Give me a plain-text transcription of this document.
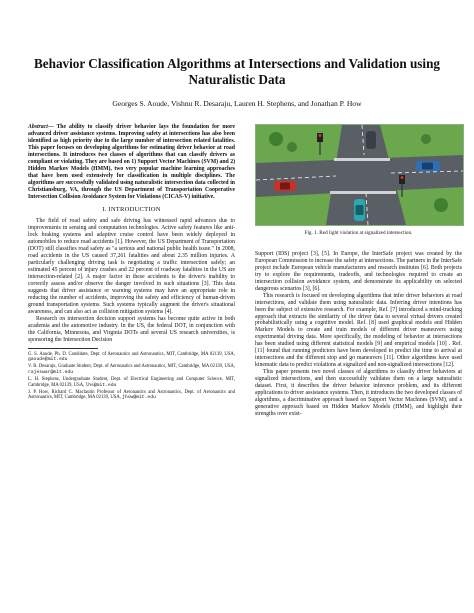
Behavior Classification Algorithms at Intersections and Validation using Naturalistic Data
Georges S. Aoude, Vishnu R. Desaraju, Lauren H. Stephens, and Jonathan P. How

Abstract— The ability to classify driver behavior lays the foundation for more advanced driver assistance systems. Improving safety at intersections has also been identified as high priority due to the large number of intersection related fatalities. This paper focuses on developing algorithms for estimating driver behavior at road intersections. It introduces two classes of algorithms that can classify drivers as compliant or violating. They are based on 1) Support Vector Machines (SVM) and 2) Hidden Markov Models (HMM), two very popular machine learning approaches that have been used extensively for classification in multiple disciplines. The algorithms are successfully validated using naturalistic intersection data collected in Christiansburg, VA, through the US Department of Transportation Cooperative Intersection Collision Avoidance System for Violations (CICAS-V) initiative.

I. INTRODUCTION

The field of road safety and safe driving has witnessed rapid advances due to improvements in sensing and computation technologies. Active safety features like anti-lock braking systems and adaptive cruise control have been widely deployed in automobiles to reduce road accidents [1]. However, the US Department of Transportation (DOT) still classifies road safety as "a serious and national public health issue." In 2008, road accidents in the US caused 37,261 fatalities and about 2.35 million injuries. A particularly challenging driving task is negotiating a traffic intersection safely; an estimated 45 percent of injury crashes and 22 percent of roadway fatalities in the US are intersection-related [2]. A major factor in these accidents is the driver's inability to correctly assess and/or observe the danger involved in such situations [3]. This data suggests that driver assistance or warning systems may have an appropriate role in reducing the number of accidents, improving the safety and efficiency of human-driven ground transportation systems. Such systems typically augment the driver's situational awareness, and can also act as collision mitigation systems [4].

Research on intersection decision support systems has become quite active in both academia and the automotive industry. In the US, the federal DOT, in conjunction with the California, Minnesota, and Virginia DOTs and several US research universities, is sponsoring the Intersection Decision

G. S. Aoude, Ph. D. Candidate, Dept. of Aeronautics and Astronautics, MIT, Cambridge, MA 02139, USA, gaoude@mit.edu

V. R. Desaraju, Graduate Student, Dept. of Aeronautics and Astronautics, MIT, Cambridge, MA 02139, USA, rajeswar@mit.edu

L. H. Stephens, Undergraduate Student, Dept. of Electrical Engineering and Computer Science, MIT, Cambridge, MA 02139, USA, lhs@mit.edu

J. P. How, Richard C. Maclaurin Professor of Aeronautics and Astronautics, Dept. of Aeronautics and Astronautics, MIT, Cambridge, MA 02139, USA, jhow@mit.edu

Fig. 1. Red light violation at signalized intersection.

Support (IDS) project [3], [5]. In Europe, the InterSafe project was created by the European Commission to increase the safety at intersections. The partners in the InterSafe project include European vehicle manufacturers and research institutes [6]. Both projects try to explore the requirements, tradeoffs, and technologies required to create an intersection collision avoidance system, and demonstrate its applicability on selected dangerous scenarios [3], [6].

This research is focused on developing algorithms that infer driver behaviors at road intersections, and validate them using naturalistic data. Inferring driver intentions has been the subject of extensive research. For example, Ref. [7] introduced a mind-tracking approach that extracts the similarity of the driver data to several virtual drivers created probabilistically using a cognitive model. Ref. [8] used graphical models and Hidden Markov Models to create and train models of different driver maneuvers using experimental driving data. More specifically, the modeling of behavior at intersections has been studied using different statistical models [9] and empirical models [10] . Ref. [11] found that running predictors have been developed to predict the time to arrival at intersections and the different stop and go maneuvers [11]. Other algorithms have used kinematic data to predict violations at signalized and non-signalized intersections [12].

This paper presents two novel classes of algorithms to classify driver behaviors at signalized intersections, and then successfully validates them on a large naturalistic dataset. First, it describes the driver behavior inference problem, and its different applications to driver assistance systems. Then, it introduces the two developed classes of algorithms, a discriminative approach based on Support Vector Machines (SVM), and a generative approach based on Hidden Markov Models (HMM), and highlight their strengths over exist-
